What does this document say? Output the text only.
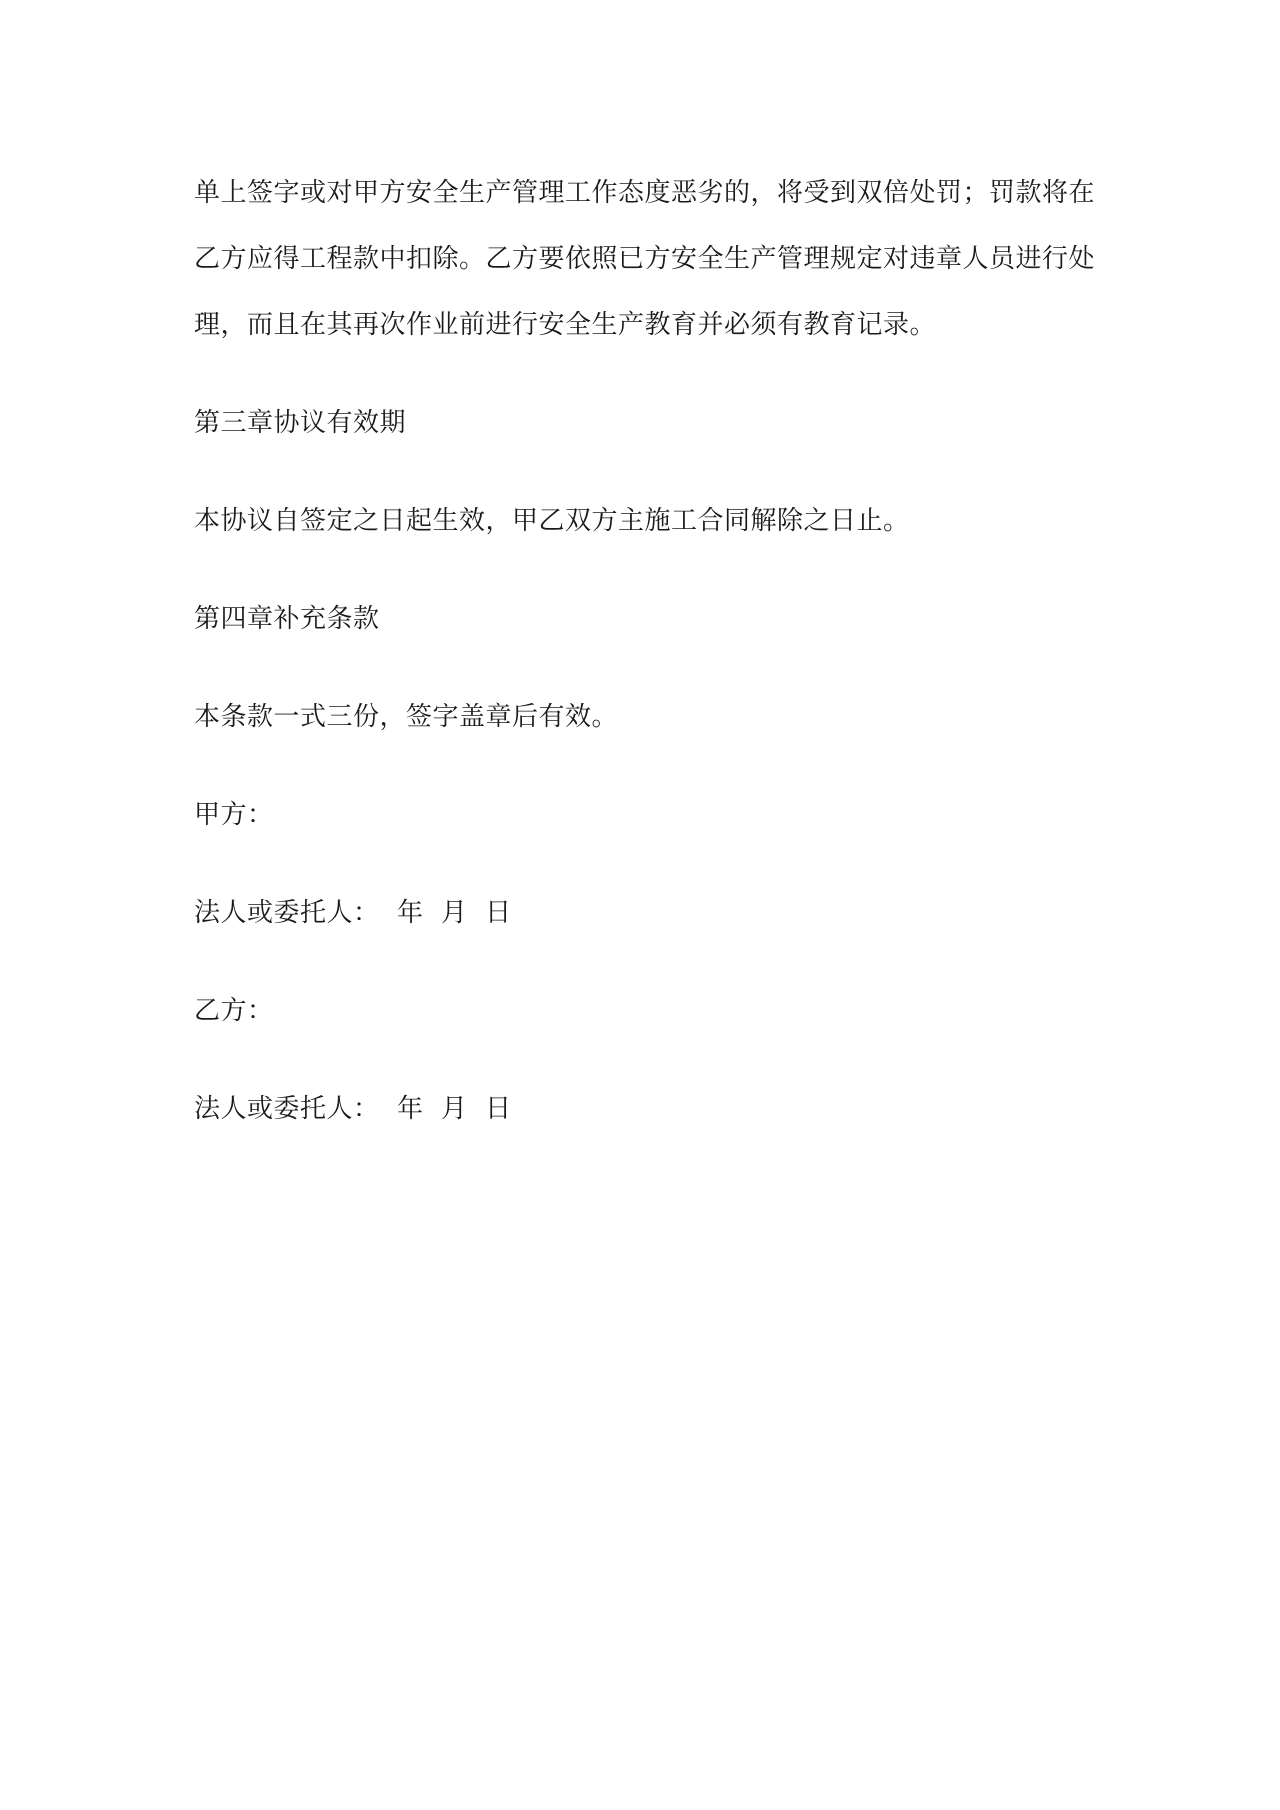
单上签字或对甲方安全生产管理工作态度恶劣的，将受到双倍处罚；罚款将在

乙方应得工程款中扣除。乙方要依照已方安全生产管理规定对违章人员进行处

理，而且在其再次作业前进行安全生产教育并必须有教育记录。

第三章协议有效期

本协议自签定之日起生效，甲乙双方主施工合同解除之日止。

第四章补充条款

本条款一式三份，签字盖章后有效。

甲方：

法人或委托人：  年  月  日

乙方：

法人或委托人：  年  月  日
